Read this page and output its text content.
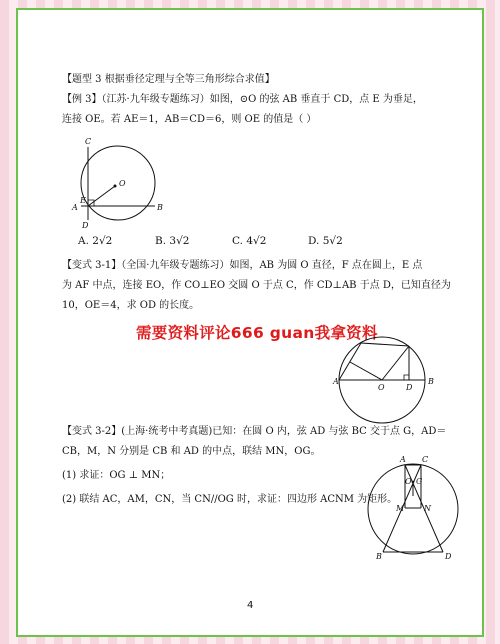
【题型 3 根据垂径定理与全等三角形综合求值】
【例 3】（江苏·九年级专题练习）如图，⊙O 的弦 AB 垂直于 CD，点 E 为垂足，
连接 OE。若 AE＝1，AB＝CD＝6，则 OE 的值是（ ）
C
O
E
A	B
D
A. 2√2	B. 3√2	C. 4√2	D. 5√2
【变式 3-1】（全国·九年级专题练习）如图，AB 为圆 O 直径，F 点在圆上，E 点
为 AF 中点，连接 EO，作 CO⊥EO 交圆 O 于点 C，作 CD⊥AB 于点 D，已知直径为
10，OE＝4，求 OD 的长度。
需要资料评论666 guan我拿资料
A
O	D
B
【变式 3-2】(上海·统考中考真题)已知：在圆 O 内，弦 AD 与弦 BC 交于点 G，AD＝
CB，M，N 分别是 CB 和 AD 的中点，联结 MN，OG。
(1) 求证：OG ⊥ MN；
(2) 联结 AC，AM，CN，当 CN//OG 时，求证：四边形 ACNM 为矩形。
A C
O G
M N
B	D
4
